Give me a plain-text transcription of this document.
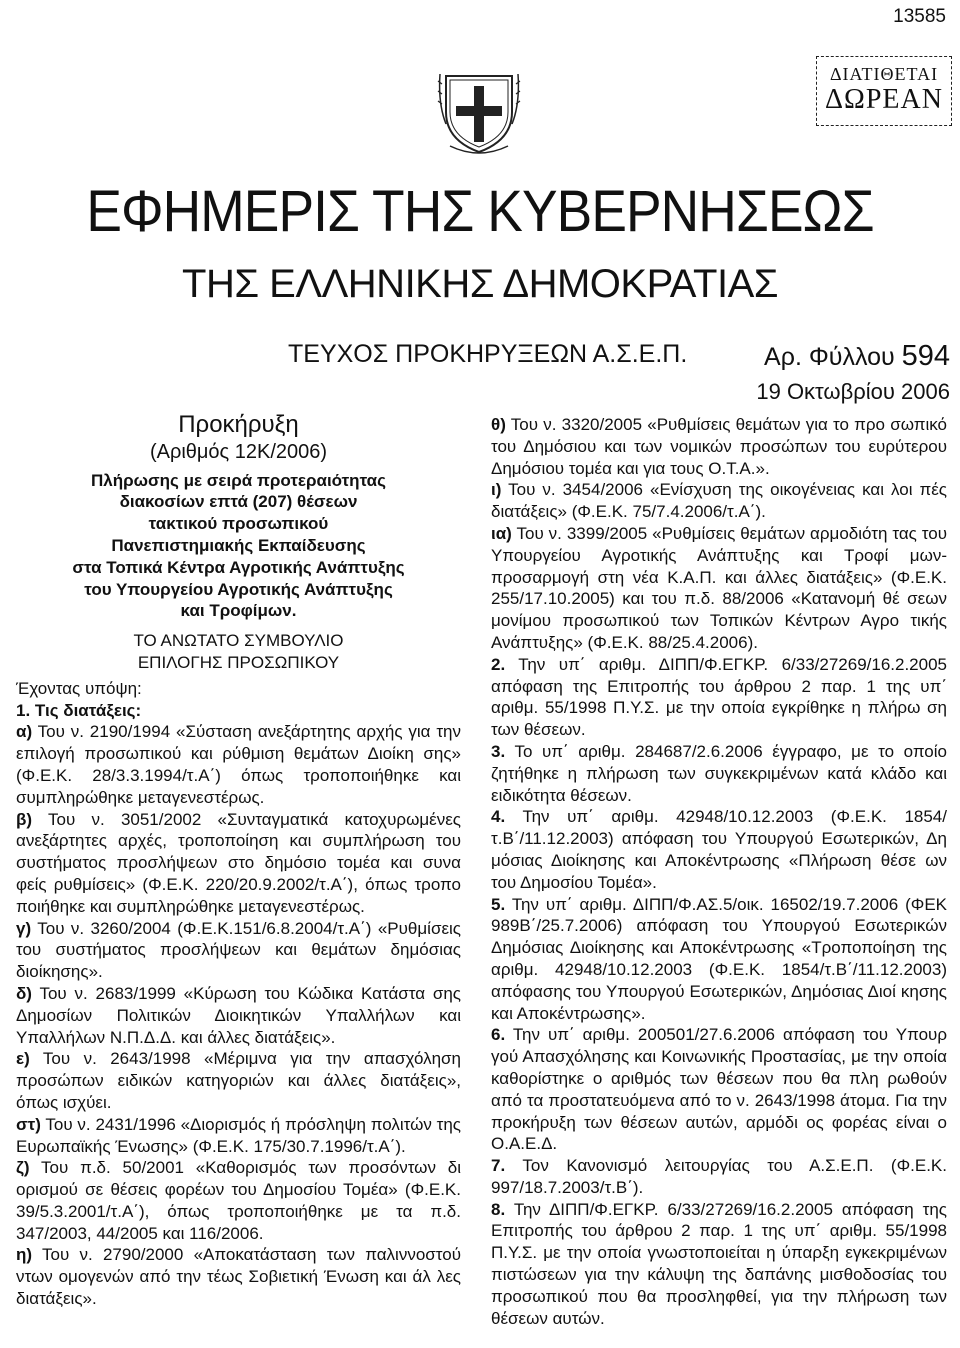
13585
ΔΙΑΤΙΘΕΤΑΙ
ΔΩΡΕΑΝ
ΕΦΗΜΕΡΙΣ ΤΗΣ ΚΥΒΕΡΝΗΣΕΩΣ
ΤΗΣ ΕΛΛΗΝΙΚΗΣ ΔΗΜΟΚΡΑΤΙΑΣ
ΤΕΥΧΟΣ ΠΡΟΚΗΡΥΞΕΩΝ Α.Σ.Ε.Π.	Αρ. Φύλλου 594
19 Οκτωβρίου 2006
Προκήρυξη
(Αριθμός 12Κ/2006)
Πλήρωσης με σειρά προτεραιότητας
διακοσίων επτά (207) θέσεων
τακτικού προσωπικού
Πανεπιστημιακής Εκπαίδευσης
στα Τοπικά Κέντρα Αγροτικής Ανάπτυξης
του Υπουργείου Αγροτικής Ανάπτυξης
και Τροφίμων.
ΤΟ ΑΝΩΤΑΤΟ ΣΥΜΒΟΥΛΙΟ
ΕΠΙΛΟΓΗΣ ΠΡΟΣΩΠΙΚΟΥ

Έχοντας υπόψη:

1. Τις διατάξεις:

α) Του ν. 2190/1994 «Σύσταση ανεξάρτητης αρχής για την επιλογή προσωπικού και ρύθμιση θεμάτων Διοίκη σης» (Φ.Ε.Κ. 28/3.3.1994/τ.Α΄) όπως τροποποιήθηκε και συμπληρώθηκε μεταγενεστέρως.

β) Του ν. 3051/2002 «Συνταγματικά κατοχυρωμένες ανεξάρτητες αρχές, τροποποίηση και συμπλήρωση του συστήματος προσλήψεων στο δημόσιο τομέα και συνα φείς ρυθμίσεις» (Φ.Ε.Κ. 220/20.9.2002/τ.Α΄), όπως τροπο ποιήθηκε και συμπληρώθηκε μεταγενεστέρως.

γ) Του ν. 3260/2004 (Φ.Ε.Κ.151/6.8.2004/τ.Α΄) «Ρυθμίσεις του συστήματος προσλήψεων και θεμάτων δημόσιας διοίκησης».

δ) Του ν. 2683/1999 «Κύρωση του Κώδικα Κατάστα σης Δημοσίων Πολιτικών Διοικητικών Υπαλλήλων και Υπαλλήλων Ν.Π.Δ.Δ. και άλλες διατάξεις».

ε) Του ν. 2643/1998 «Μέριμνα για την απασχόληση προσώπων ειδικών κατηγοριών και άλλες διατάξεις», όπως ισχύει.

στ) Του ν. 2431/1996 «Διορισμός ή πρόσληψη πολιτών της Ευρωπαϊκής Ένωσης» (Φ.Ε.Κ. 175/30.7.1996/τ.Α΄).

ζ) Του π.δ. 50/2001 «Καθορισμός των προσόντων δι ορισμού σε θέσεις φορέων του Δημοσίου Τομέα» (Φ.Ε.Κ. 39/5.3.2001/τ.Α΄), όπως τροποποιήθηκε με τα π.δ. 347/2003, 44/2005 και 116/2006.

η) Του ν. 2790/2000 «Αποκατάσταση των παλιννοστού ντων ομογενών από την τέως Σοβιετική Ένωση και άλ λες διατάξεις».

θ) Του ν. 3320/2005 «Ρυθμίσεις θεμάτων για το προ σωπικό του Δημόσιου και των νομικών προσώπων του ευρύτερου Δημόσιου τομέα και για τους Ο.Τ.Α.».

ι) Του ν. 3454/2006 «Ενίσχυση της οικογένειας και λοι πές διατάξεις» (Φ.Ε.Κ. 75/7.4.2006/τ.Α΄).

ια) Του ν. 3399/2005 «Ρυθμίσεις θεμάτων αρμοδιότη τας του Υπουργείου Αγροτικής Ανάπτυξης και Τροφί μων- προσαρμογή στη νέα Κ.Α.Π. και άλλες διατάξεις» (Φ.Ε.Κ. 255/17.10.2005) και του π.δ. 88/2006 «Κατανομή θέ σεων μονίμου προσωπικού των Τοπικών Κέντρων Αγρο τικής Ανάπτυξης» (Φ.Ε.Κ. 88/25.4.2006).

2. Την υπ΄ αριθμ. ΔΙΠΠ/Φ.ΕΓΚΡ. 6/33/27269/16.2.2005 απόφαση της Επιτροπής του άρθρου 2 παρ. 1 της υπ΄ αριθμ. 55/1998 Π.Υ.Σ. με την οποία εγκρίθηκε η πλήρω ση των θέσεων.

3. Το υπ΄ αριθμ. 284687/2.6.2006 έγγραφο, με το οποίο ζητήθηκε η πλήρωση των συγκεκριμένων κατά κλάδο και ειδικότητα θέσεων.

4. Την υπ΄ αριθμ. 42948/10.12.2003 (Φ.Ε.Κ. 1854/ τ.Β΄/11.12.2003) απόφαση του Υπουργού Εσωτερικών, Δη μόσιας Διοίκησης και Αποκέντρωσης «Πλήρωση θέσε ων του Δημοσίου Τομέα».

5. Την υπ΄ αριθμ. ΔΙΠΠ/Φ.ΑΣ.5/οικ. 16502/19.7.2006 (ΦΕΚ 989Β΄/25.7.2006) απόφαση του Υπουργού Εσωτερικών Δημόσιας Διοίκησης και Αποκέντρωσης «Τροποποίηση της αριθμ. 42948/10.12.2003 (Φ.Ε.Κ. 1854/τ.Β΄/11.12.2003) απόφασης του Υπουργού Εσωτερικών, Δημόσιας Διοί κησης και Αποκέντρωσης».

6. Την υπ΄ αριθμ. 200501/27.6.2006 απόφαση του Υπουρ γού Απασχόλησης και Κοινωνικής Προστασίας, με την οποία καθορίστηκε ο αριθμός των θέσεων που θα πλη ρωθούν από τα προστατευόμενα από το ν. 2643/1998 άτομα. Για την προκήρυξη των θέσεων αυτών, αρμόδι ος φορέας είναι ο Ο.Α.Ε.Δ.

7. Τον Κανονισμό λειτουργίας του Α.Σ.Ε.Π. (Φ.Ε.Κ. 997/18.7.2003/τ.Β΄).

8. Την ΔΙΠΠ/Φ.ΕΓΚΡ. 6/33/27269/16.2.2005 απόφαση της Επιτροπής του άρθρου 2 παρ. 1 της υπ΄ αριθμ. 55/1998 Π.Υ.Σ. με την οποία γνωστοποιείται η ύπαρξη εγκεκριμένων πιστώσεων για την κάλυψη της δαπάνης μισθοδοσίας του προσωπικού που θα προσληφθεί, για την πλήρωση των θέσεων αυτών.
